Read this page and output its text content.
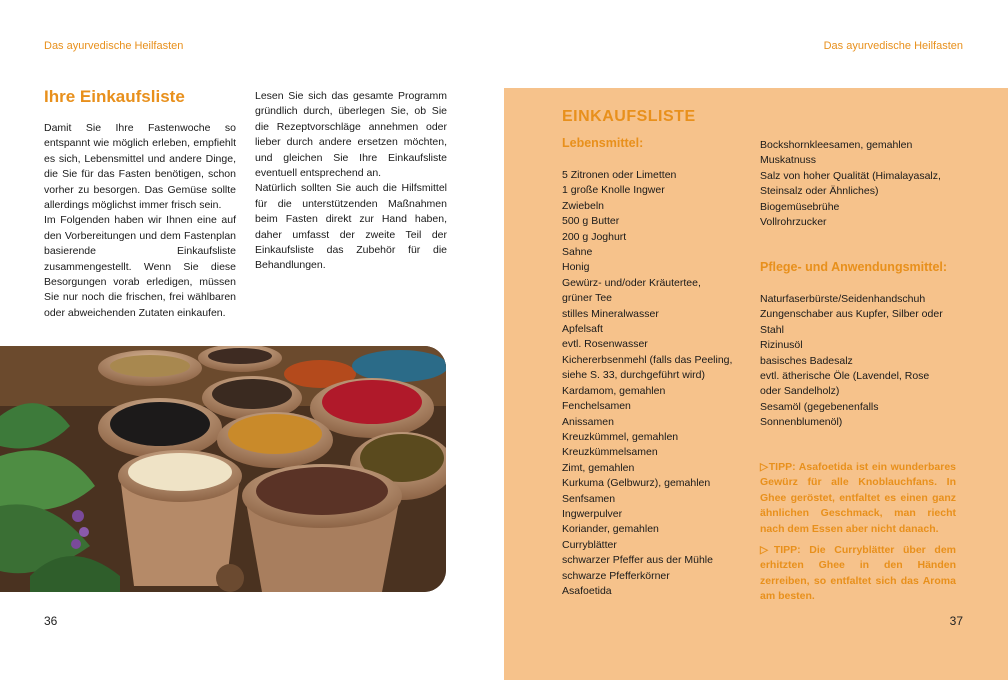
Das ayurvedische Heilfasten
Ihre Einkaufsliste

Damit Sie Ihre Fastenwoche so entspannt wie möglich erleben, empfiehlt es sich, Lebensmittel und andere Dinge, die Sie für das Fasten benötigen, schon vorher zu besorgen. Das Gemüse sollte allerdings möglichst immer frisch sein.

Im Folgenden haben wir Ihnen eine auf den Vorbereitungen und dem Fastenplan basierende Einkaufsliste zusammengestellt. Wenn Sie diese Besorgungen vorab erledigen, müssen Sie nur noch die frischen, frei wählbaren oder abweichenden Zutaten einkaufen.

Lesen Sie sich das gesamte Programm gründlich durch, überlegen Sie, ob Sie die Rezeptvorschläge annehmen oder lieber durch andere ersetzen möchten, und gleichen Sie Ihre Einkaufsliste eventuell entsprechend an.

Natürlich sollten Sie auch die Hilfsmittel für die unterstützenden Maßnahmen beim Fasten direkt zur Hand haben, daher umfasst der zweite Teil der Einkaufsliste das Zubehör für die Behandlungen.

36
Das ayurvedische Heilfasten
EINKAUFSLISTE
Lebensmittel:
5 Zitronen oder Limetten
1 große Knolle Ingwer
Zwiebeln
500 g Butter
200 g Joghurt
Sahne
Honig
Gewürz- und/oder Kräutertee,
grüner Tee
stilles Mineralwasser
Apfelsaft
evtl. Rosenwasser
Kichererbsenmehl (falls das Peeling,
siehe S. 33, durchgeführt wird)
Kardamom, gemahlen
Fenchelsamen
Anissamen
Kreuzkümmel, gemahlen
Kreuzkümmelsamen
Zimt, gemahlen
Kurkuma (Gelbwurz), gemahlen
Senfsamen
Ingwerpulver
Koriander, gemahlen
Curryblätter
schwarzer Pfeffer aus der Mühle
schwarze Pfefferkörner
Asafoetida
Bockshornkleesamen, gemahlen
Muskatnuss
Salz von hoher Qualität (Himalayasalz,
Steinsalz oder Ähnliches)
Biogemüsebrühe
Vollrohrzucker
Pflege- und Anwendungsmittel:
Naturfaserbürste/Seidenhandschuh
Zungenschaber aus Kupfer, Silber oder
Stahl
Rizinusöl
basisches Badesalz
evtl. ätherische Öle (Lavendel, Rose
oder Sandelholz)
Sesamöl (gegebenenfalls Sonnenblumenöl)
▷TIPP: Asafoetida ist ein wunderbares Gewürz für alle Knoblauchfans. In Ghee geröstet, entfaltet es einen ganz ähnlichen Geschmack, man riecht nach dem Essen aber nicht danach.
▷TIPP: Die Curryblätter über dem erhitzten Ghee in den Händen zerreiben, so entfaltet sich das Aroma am besten.
37
